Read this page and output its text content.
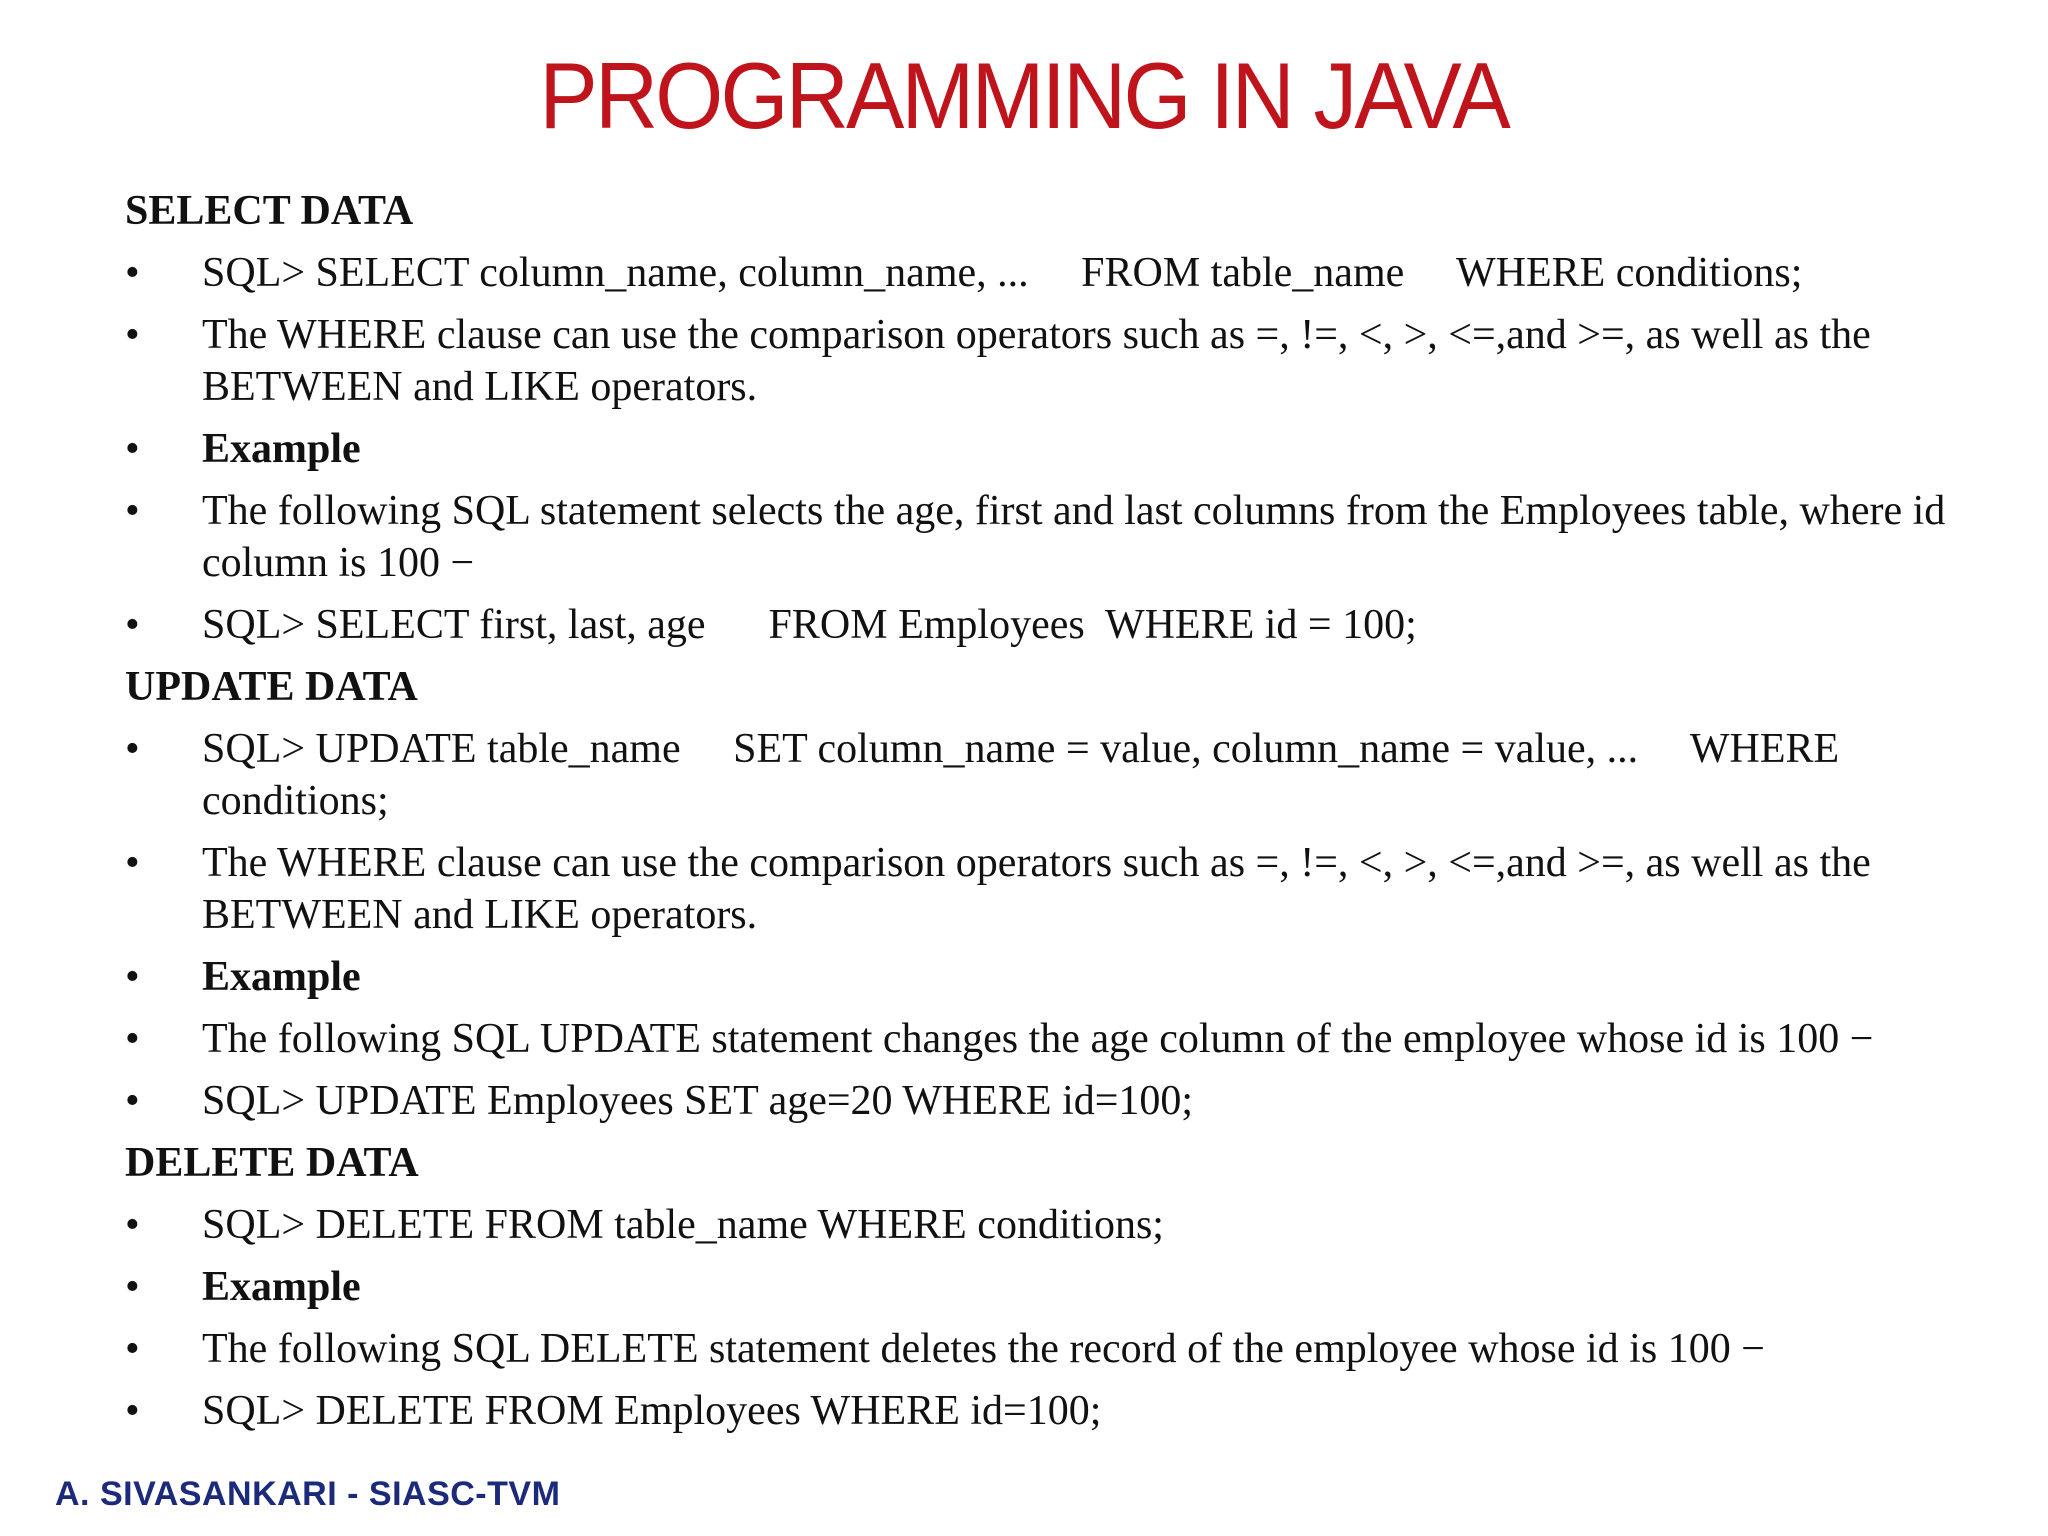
PROGRAMMING IN JAVA
SELECT DATA
•	SQL> SELECT column_name, column_name, ...     FROM table_name     WHERE conditions;
•	The WHERE clause can use the comparison operators such as =, !=, <, >, <=,and >=, as well as the BETWEEN and LIKE operators.
•	Example
•	The following SQL statement selects the age, first and last columns from the Employees table, where id column is 100 −
•	SQL> SELECT first, last, age      FROM Employees  WHERE id = 100;
UPDATE DATA
•	SQL> UPDATE table_name     SET column_name = value, column_name = value, ...     WHERE conditions;
•	The WHERE clause can use the comparison operators such as =, !=, <, >, <=,and >=, as well as the BETWEEN and LIKE operators.
•	Example
•	The following SQL UPDATE statement changes the age column of the employee whose id is 100 −
•	SQL> UPDATE Employees SET age=20 WHERE id=100;
DELETE DATA
•	SQL> DELETE FROM table_name WHERE conditions;
•	Example
•	The following SQL DELETE statement deletes the record of the employee whose id is 100 −
•	SQL> DELETE FROM Employees WHERE id=100;
A. SIVASANKARI - SIASC-TVM
